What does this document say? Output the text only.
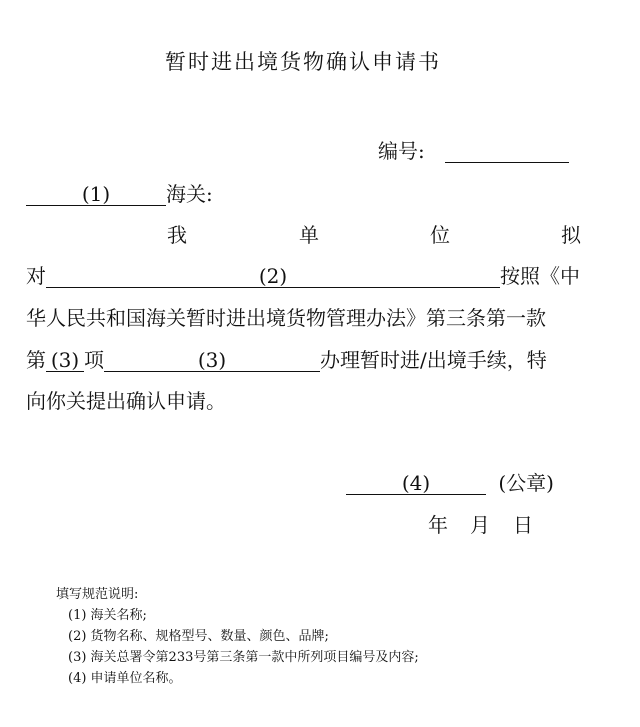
暂时进出境货物确认申请书
编号:
(1)	海关:
我	单	位	拟
对	(2)	按照《中
华人民共和国海关暂时进出境货物管理办法》第三条第一款
第 (3) 项	(3)	办理暂时进/出境手续，特
向你关提出确认申请。
(4)	(公章)
年 月 日
填写规范说明:
(1) 海关名称;
(2) 货物名称、规格型号、数量、颜色、品牌;
(3) 海关总署令第233号第三条第一款中所列项目编号及内容;
(4) 申请单位名称。
